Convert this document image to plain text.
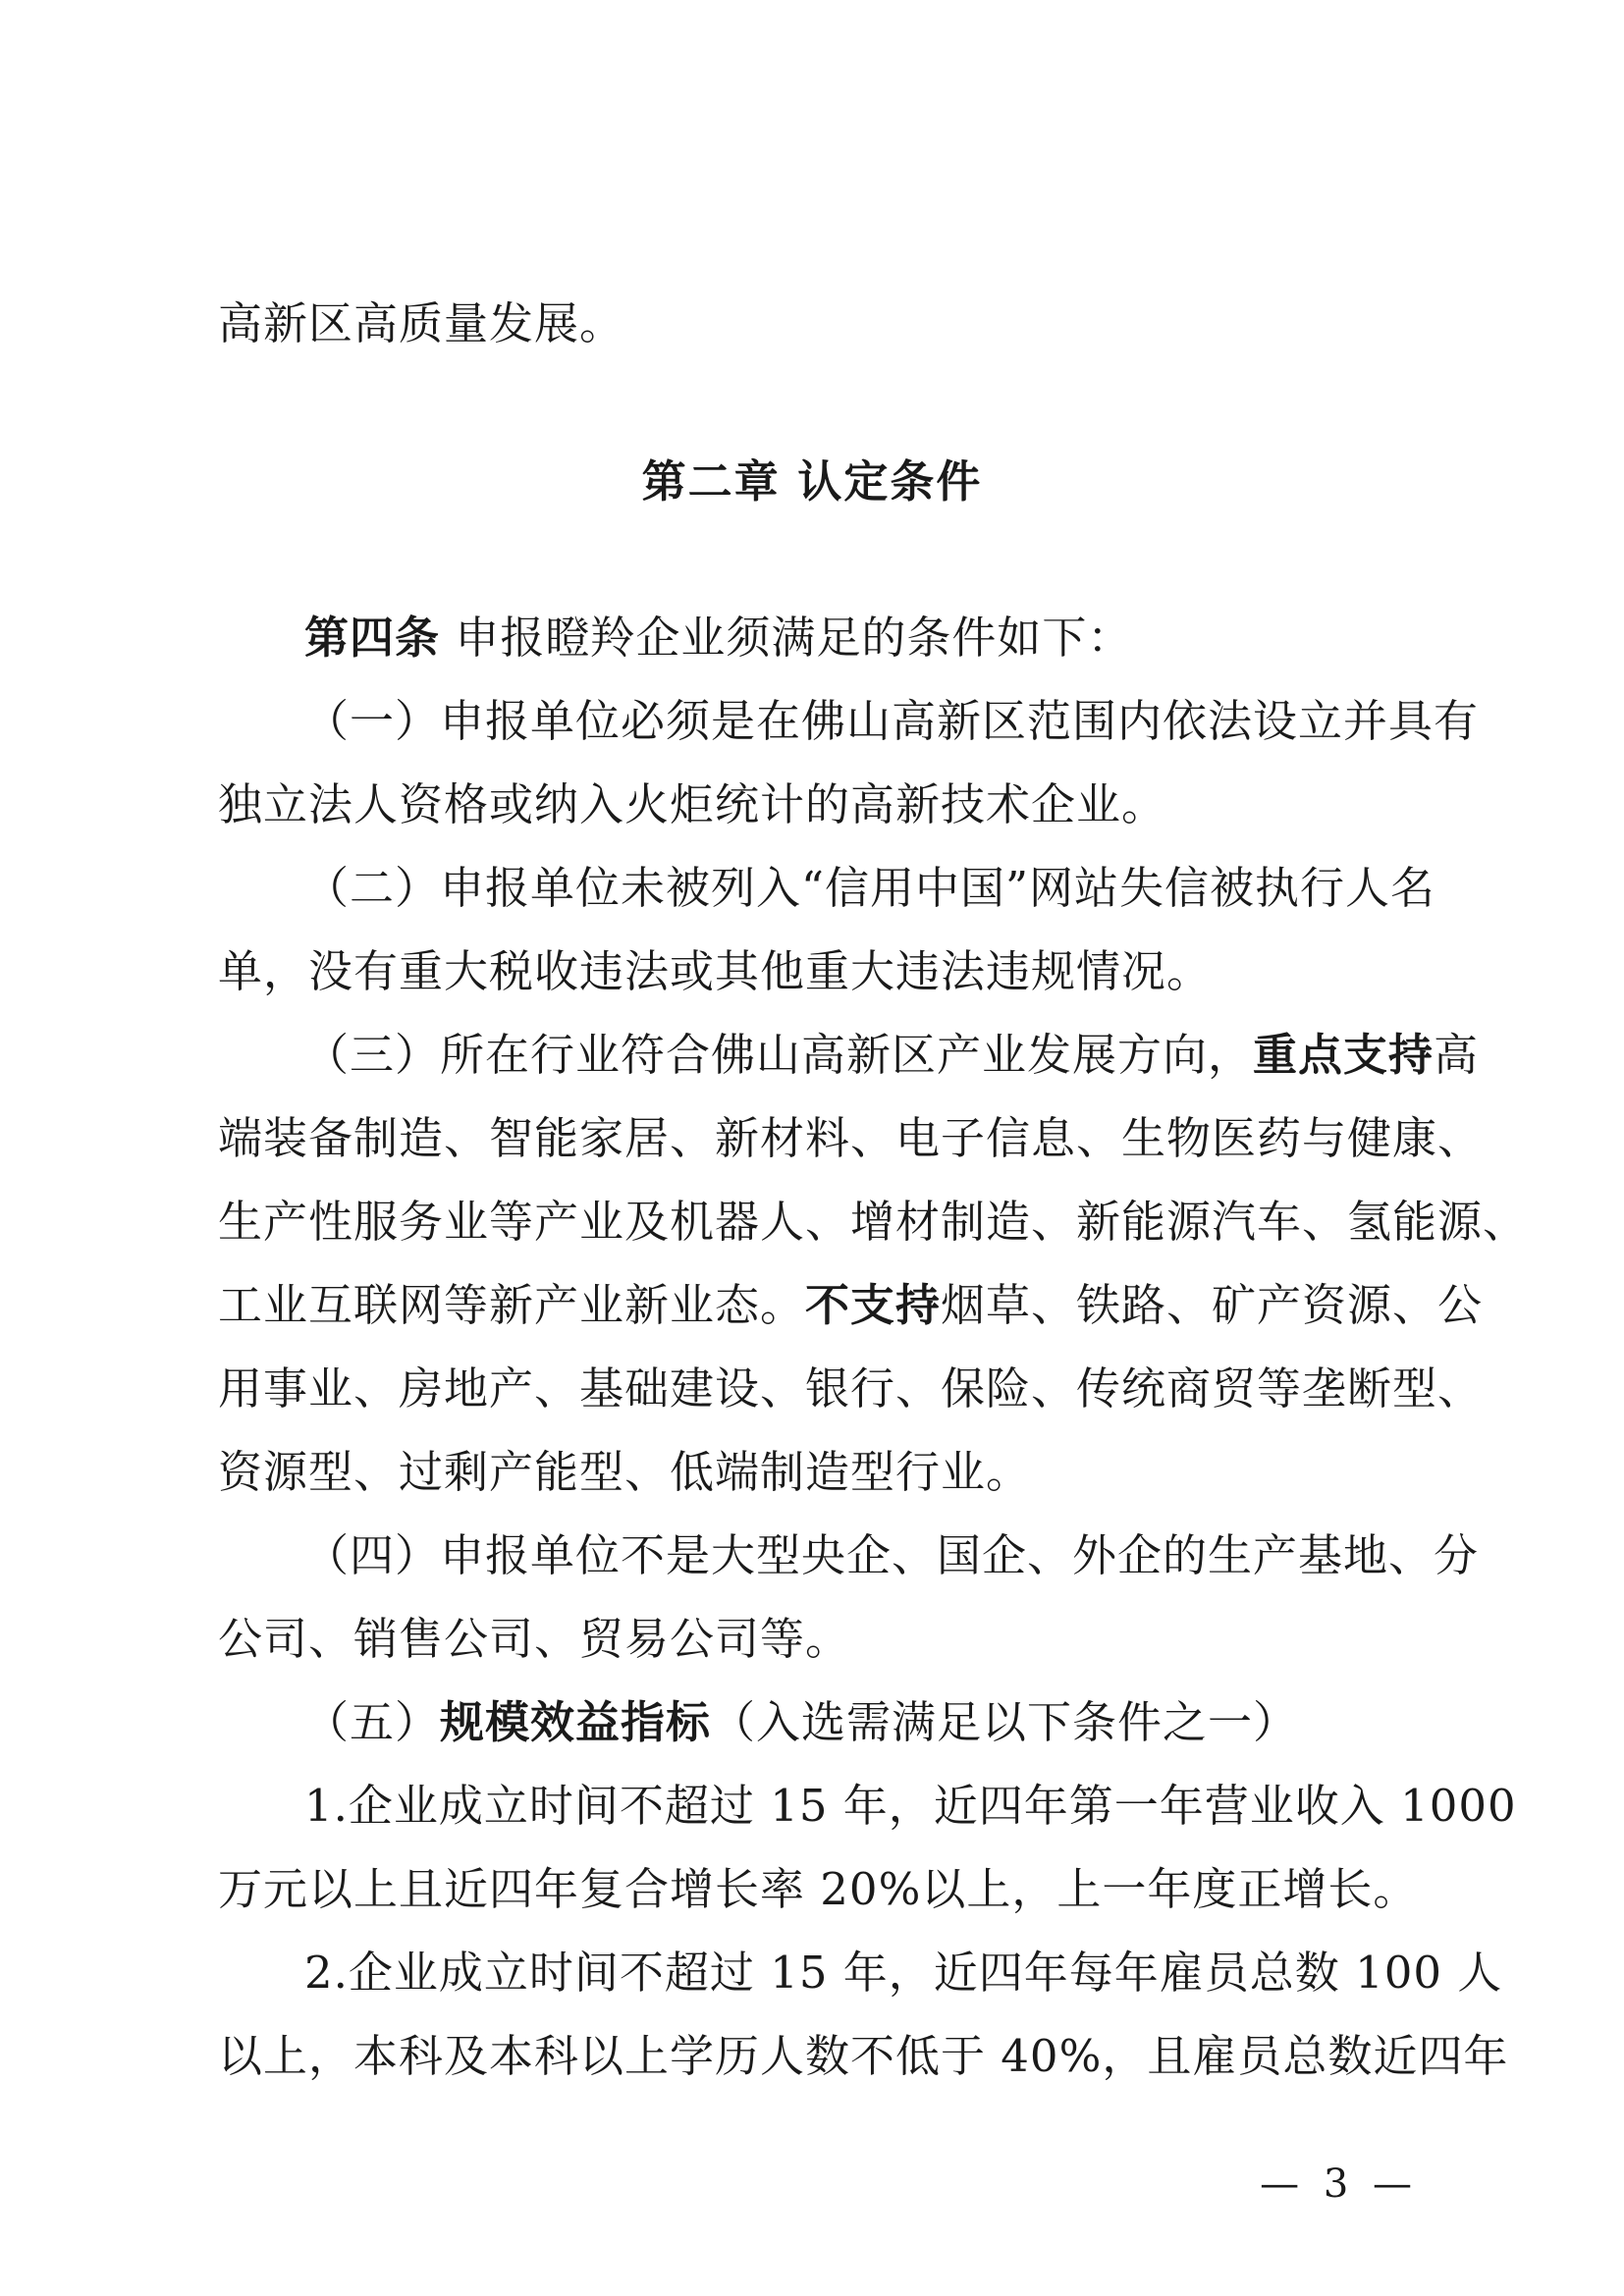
高新区高质量发展。
第二章 认定条件
第四条 申报瞪羚企业须满足的条件如下：
（一）申报单位必须是在佛山高新区范围内依法设立并具有
独立法人资格或纳入火炬统计的高新技术企业。
（二）申报单位未被列入“信用中国”网站失信被执行人名
单，没有重大税收违法或其他重大违法违规情况。
（三）所在行业符合佛山高新区产业发展方向，重点支持高
端装备制造、智能家居、新材料、电子信息、生物医药与健康、
生产性服务业等产业及机器人、增材制造、新能源汽车、氢能源、
工业互联网等新产业新业态。不支持烟草、铁路、矿产资源、公
用事业、房地产、基础建设、银行、保险、传统商贸等垄断型、
资源型、过剩产能型、低端制造型行业。
（四）申报单位不是大型央企、国企、外企的生产基地、分
公司、销售公司、贸易公司等。
（五）规模效益指标（入选需满足以下条件之一）
1.企业成立时间不超过 15 年，近四年第一年营业收入 1000
万元以上且近四年复合增长率 20%以上，上一年度正增长。
2.企业成立时间不超过 15 年，近四年每年雇员总数 100 人
以上，本科及本科以上学历人数不低于 40%，且雇员总数近四年
— 3 —
